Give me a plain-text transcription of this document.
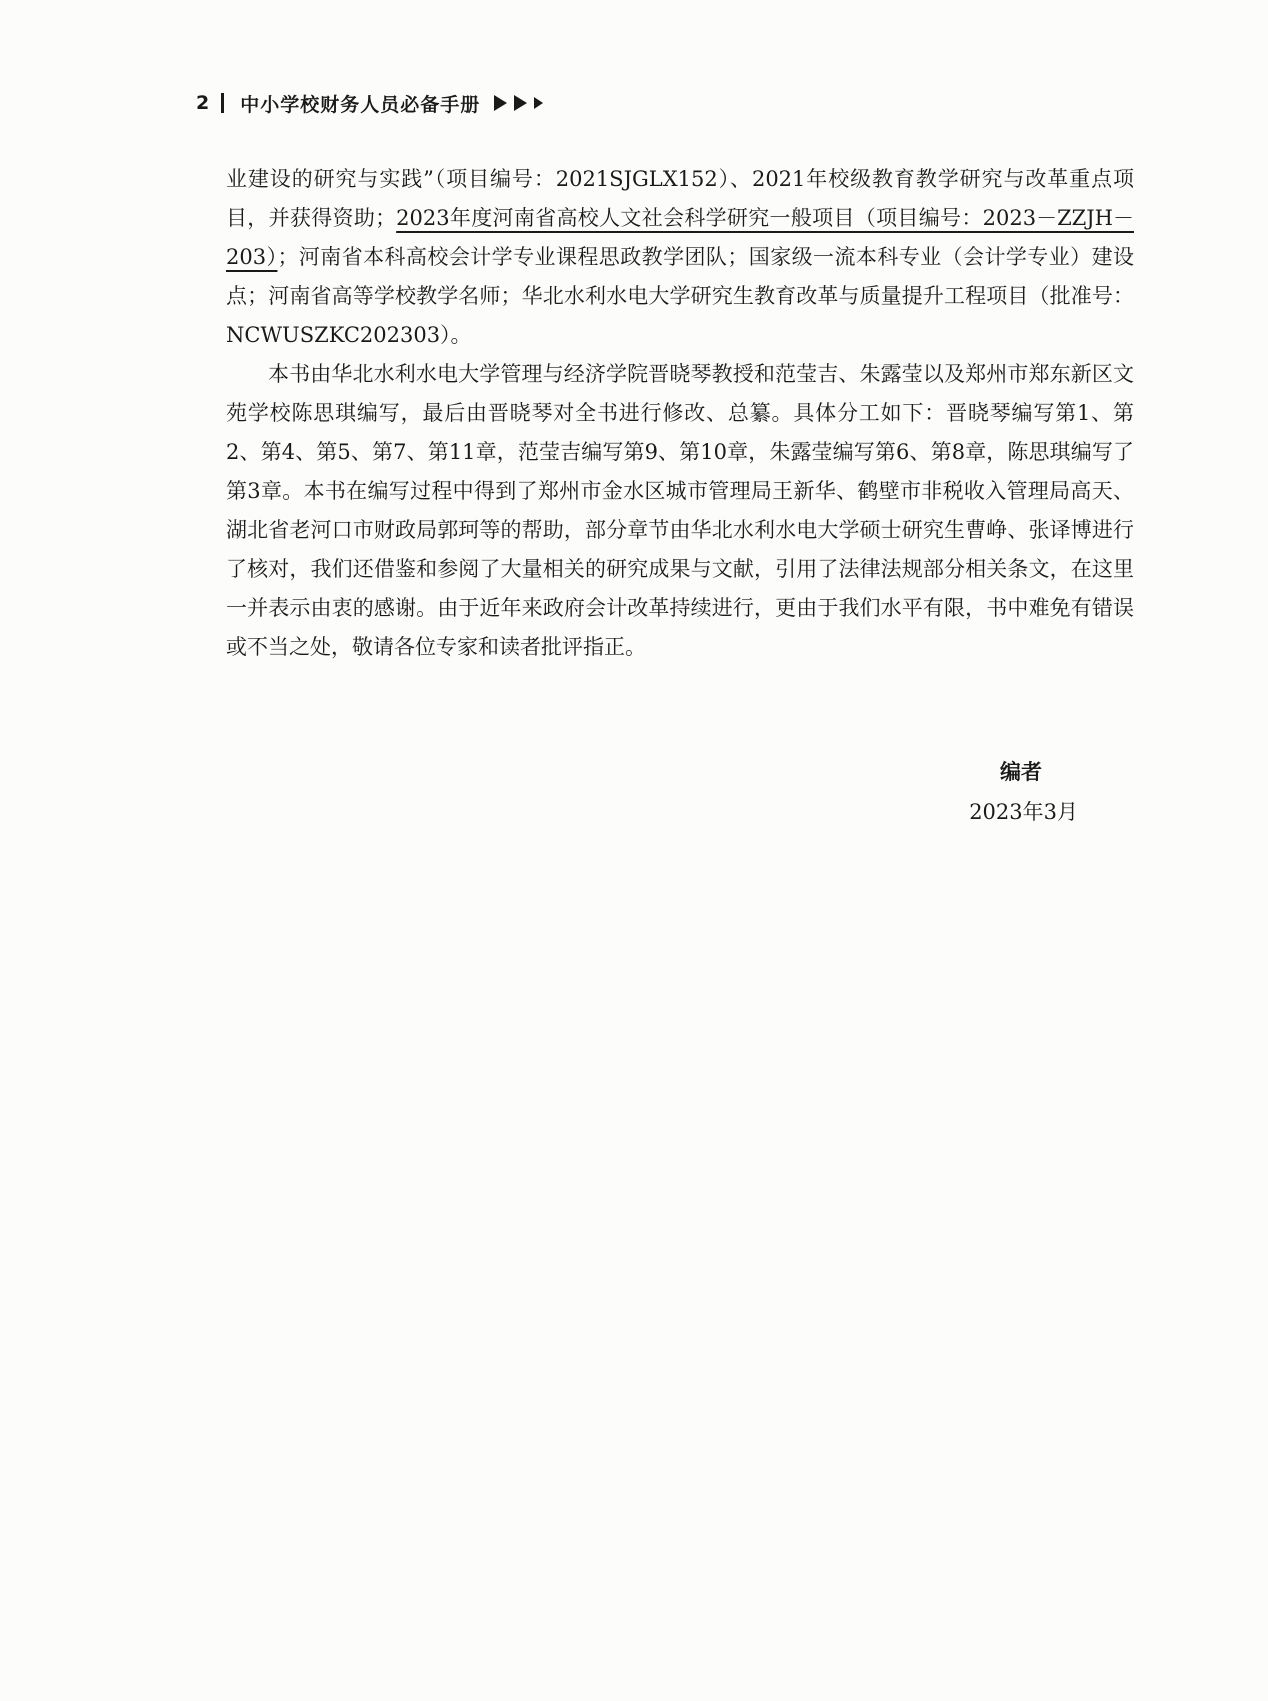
2 中小学校财务人员必备手册

业建设的研究与实践”（项目编号：2021SJGLX152）、2021年校级教育教学研究与改革重点项目，并获得资助；2023年度河南省高校人文社会科学研究一般项目（项目编号：2023－ZZJH－203）；河南省本科高校会计学专业课程思政教学团队；国家级一流本科专业（会计学专业）建设点；河南省高等学校教学名师；华北水利水电大学研究生教育改革与质量提升工程项目（批准号：NCWUSZKC202303）。

本书由华北水利水电大学管理与经济学院晋晓琴教授和范莹吉、朱露莹以及郑州市郑东新区文苑学校陈思琪编写，最后由晋晓琴对全书进行修改、总纂。具体分工如下：晋晓琴编写第1、第2、第4、第5、第7、第11章，范莹吉编写第9、第10章，朱露莹编写第6、第8章，陈思琪编写了第3章。本书在编写过程中得到了郑州市金水区城市管理局王新华、鹤壁市非税收入管理局高天、湖北省老河口市财政局郭珂等的帮助，部分章节由华北水利水电大学硕士研究生曹峥、张译博进行了核对，我们还借鉴和参阅了大量相关的研究成果与文献，引用了法律法规部分相关条文，在这里一并表示由衷的感谢。由于近年来政府会计改革持续进行，更由于我们水平有限，书中难免有错误或不当之处，敬请各位专家和读者批评指正。

编者
2023年3月
